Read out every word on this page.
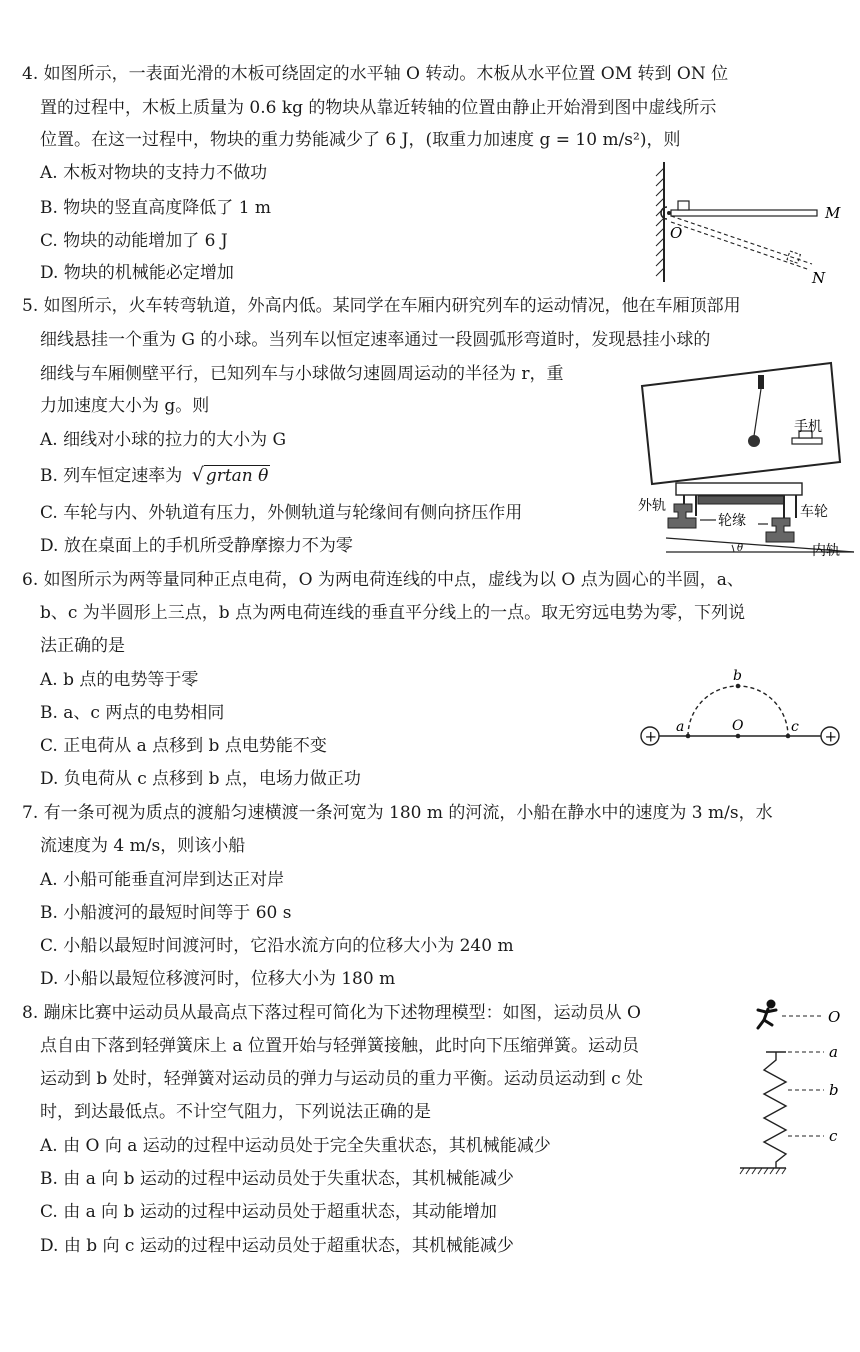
4. 如图所示，一表面光滑的木板可绕固定的水平轴 O 转动。木板从水平位置 OM 转到 ON 位
置的过程中，木板上质量为 0.6 kg 的物块从靠近转轴的位置由静止开始滑到图中虚线所示
位置。在这一过程中，物块的重力势能减少了 6 J，(取重力加速度 g = 10 m/s²)，则
A. 木板对物块的支持力不做功
B. 物块的竖直高度降低了 1 m
C. 物块的动能增加了 6 J
D. 物块的机械能必定增加
M
O
N
5. 如图所示，火车转弯轨道，外高内低。某同学在车厢内研究列车的运动情况，他在车厢顶部用
细线悬挂一个重为 G 的小球。当列车以恒定速率通过一段圆弧形弯道时，发现悬挂小球的
细线与车厢侧壁平行，已知列车与小球做匀速圆周运动的半径为 r，重
力加速度大小为 g。则
A. 细线对小球的拉力的大小为 G
B. 列车恒定速率为 √ grtan θ
C. 车轮与内、外轨道有压力，外侧轨道与轮缘间有侧向挤压作用
D. 放在桌面上的手机所受静摩擦力不为零
手机
轮缘
外轨	车轮
θ	内轨
6. 如图所示为两等量同种正点电荷，O 为两电荷连线的中点，虚线为以 O 点为圆心的半圆，a、
b、c 为半圆形上三点，b 点为两电荷连线的垂直平分线上的一点。取无穷远电势为零，下列说
法正确的是
A. b 点的电势等于零
B. a、c 两点的电势相同
C. 正电荷从 a 点移到 b 点电势能不变
D. 负电荷从 c 点移到 b 点，电场力做正功
+	+
a
b
c
O
7. 有一条可视为质点的渡船匀速横渡一条河宽为 180 m 的河流，小船在静水中的速度为 3 m/s，水
流速度为 4 m/s，则该小船
A. 小船可能垂直河岸到达正对岸
B. 小船渡河的最短时间等于 60 s
C. 小船以最短时间渡河时，它沿水流方向的位移大小为 240 m
D. 小船以最短位移渡河时，位移大小为 180 m
8. 蹦床比赛中运动员从最高点下落过程可简化为下述物理模型：如图，运动员从 O
点自由下落到轻弹簧床上 a 位置开始与轻弹簧接触，此时向下压缩弹簧。运动员
运动到 b 处时，轻弹簧对运动员的弹力与运动员的重力平衡。运动员运动到 c 处
时，到达最低点。不计空气阻力，下列说法正确的是
A. 由 O 向 a 运动的过程中运动员处于完全失重状态，其机械能减少
B. 由 a 向 b 运动的过程中运动员处于失重状态，其机械能减少
C. 由 a 向 b 运动的过程中运动员处于超重状态，其动能增加
D. 由 b 向 c 运动的过程中运动员处于超重状态，其机械能减少
O
a
b
c
